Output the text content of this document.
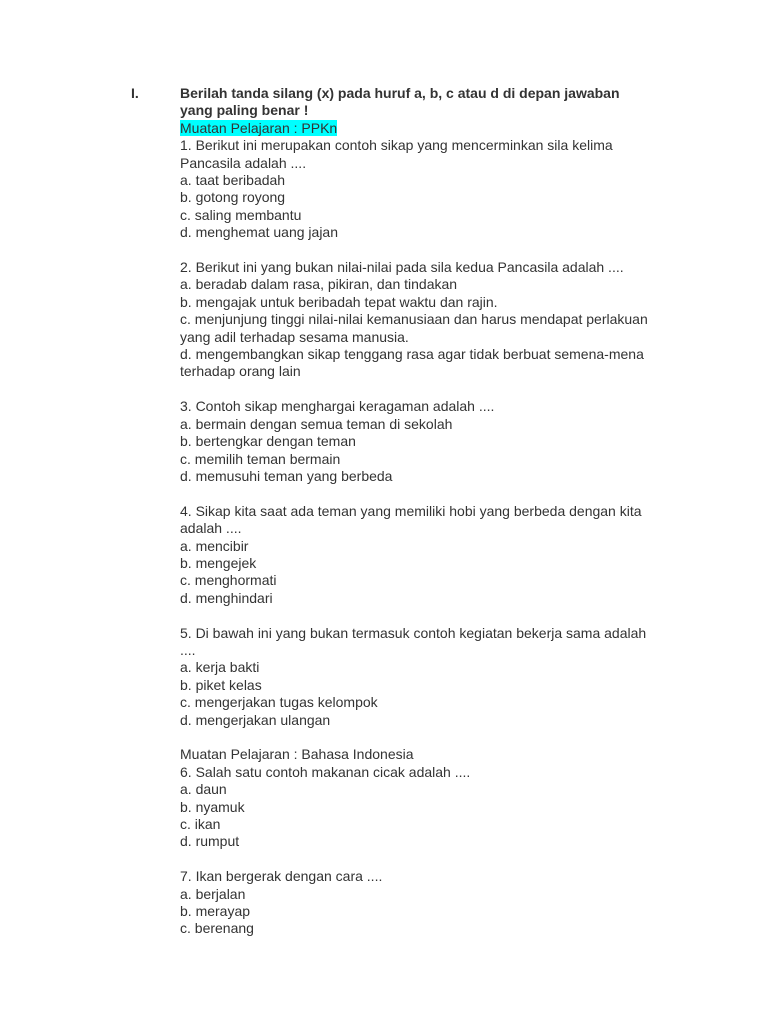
I.	Berilah tanda silang (x) pada huruf a, b, c atau d di depan jawaban
yang paling benar !
Muatan Pelajaran : PPKn
1. Berikut ini merupakan contoh sikap yang mencerminkan sila kelima
Pancasila adalah ....
a. taat beribadah
b. gotong royong
c. saling membantu
d. menghemat uang jajan
2. Berikut ini yang bukan nilai-nilai pada sila kedua Pancasila adalah ....
a. beradab dalam rasa, pikiran, dan tindakan
b. mengajak untuk beribadah tepat waktu dan rajin.
c. menjunjung tinggi nilai-nilai kemanusiaan dan harus mendapat perlakuan
yang adil terhadap sesama manusia.
d. mengembangkan sikap tenggang rasa agar tidak berbuat semena-mena
terhadap orang lain
3. Contoh sikap menghargai keragaman adalah ....
a. bermain dengan semua teman di sekolah
b. bertengkar dengan teman
c. memilih teman bermain
d. memusuhi teman yang berbeda
4. Sikap kita saat ada teman yang memiliki hobi yang berbeda dengan kita
adalah ....
a. mencibir
b. mengejek
c. menghormati
d. menghindari
5. Di bawah ini yang bukan termasuk contoh kegiatan bekerja sama adalah
....
a. kerja bakti
b. piket kelas
c. mengerjakan tugas kelompok
d. mengerjakan ulangan
Muatan Pelajaran : Bahasa Indonesia
6. Salah satu contoh makanan cicak adalah ....
a. daun
b. nyamuk
c. ikan
d. rumput
7. Ikan bergerak dengan cara ....
a. berjalan
b. merayap
c. berenang
